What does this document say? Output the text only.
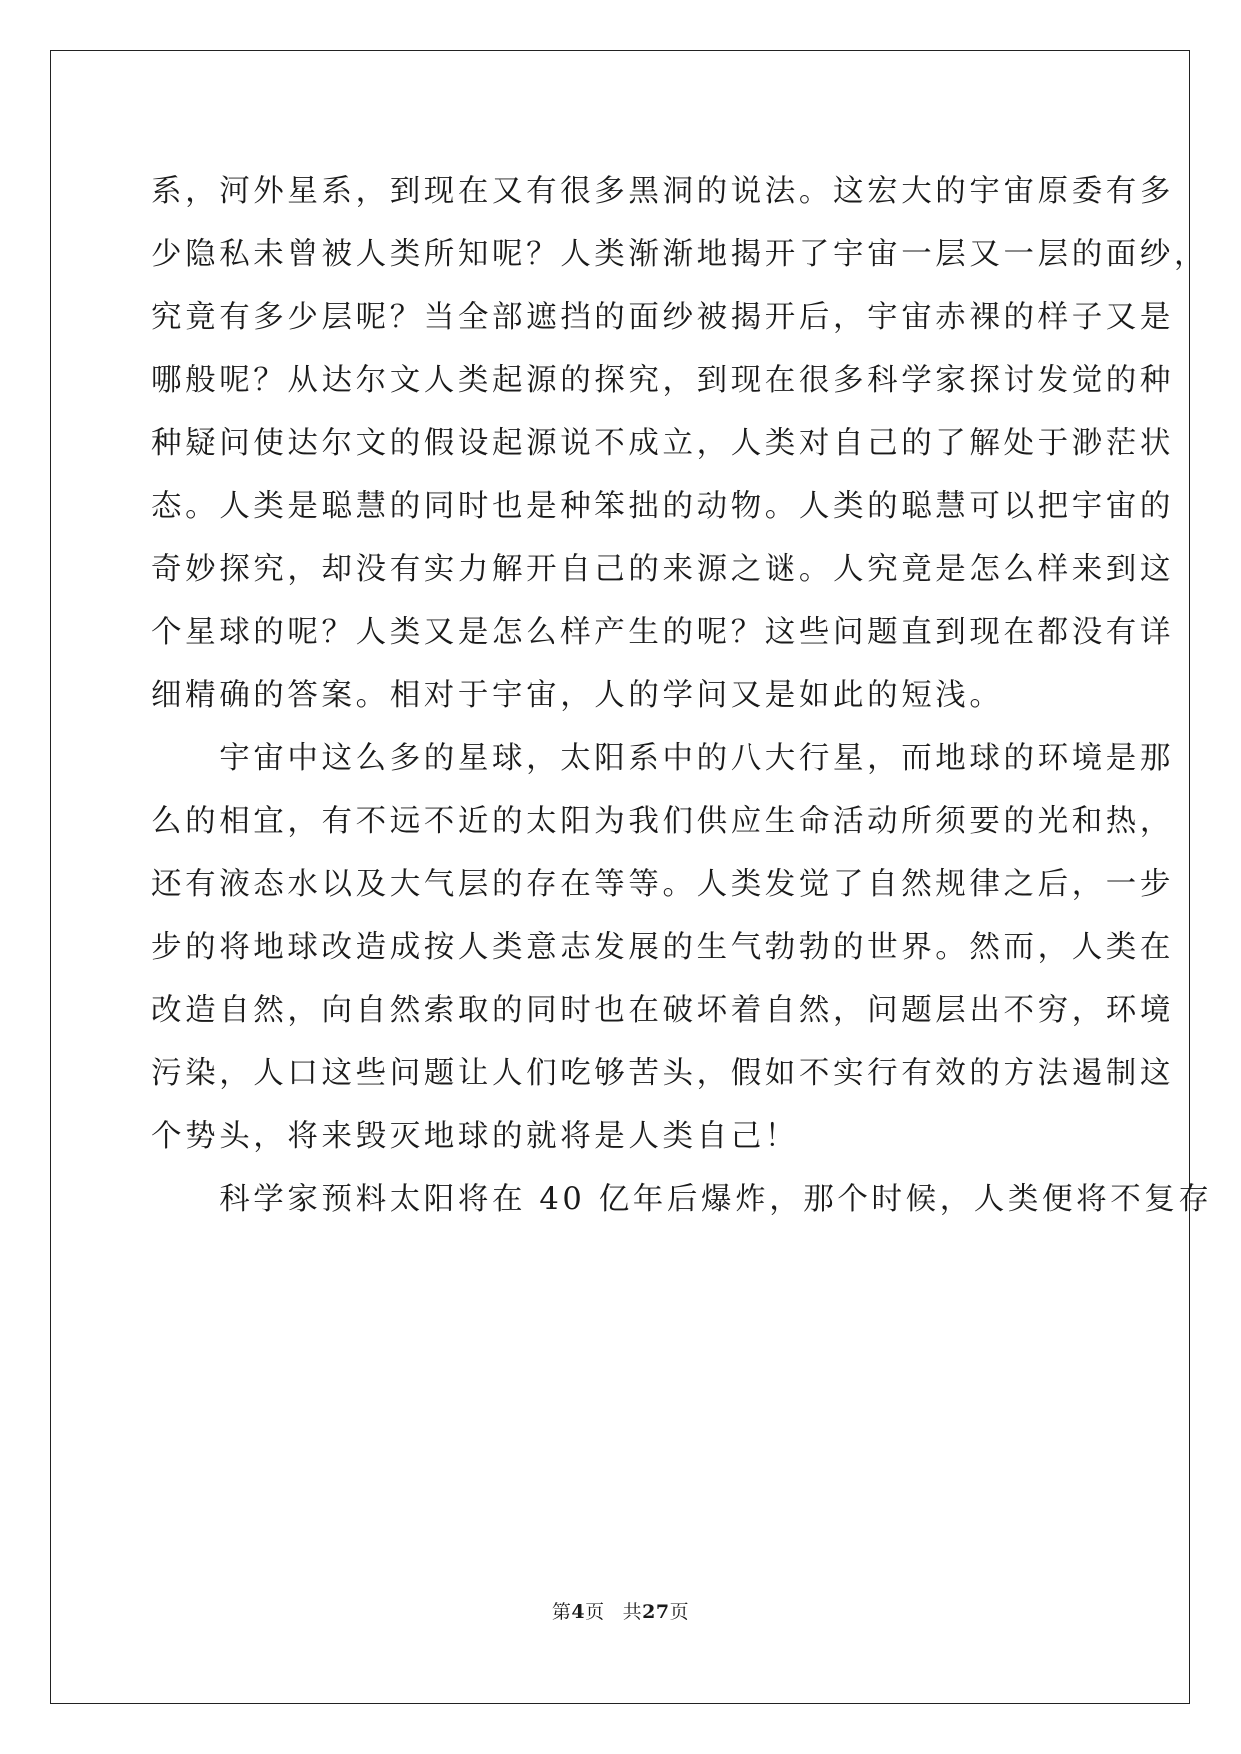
系，河外星系，到现在又有很多黑洞的说法。这宏大的宇宙原委有多
少隐私未曾被人类所知呢？人类渐渐地揭开了宇宙一层又一层的面纱，
究竟有多少层呢？当全部遮挡的面纱被揭开后，宇宙赤裸的样子又是
哪般呢？从达尔文人类起源的探究，到现在很多科学家探讨发觉的种
种疑问使达尔文的假设起源说不成立，人类对自己的了解处于渺茫状
态。人类是聪慧的同时也是种笨拙的动物。人类的聪慧可以把宇宙的
奇妙探究，却没有实力解开自己的来源之谜。人究竟是怎么样来到这
个星球的呢？人类又是怎么样产生的呢？这些问题直到现在都没有详
细精确的答案。相对于宇宙，人的学问又是如此的短浅。
　　宇宙中这么多的星球，太阳系中的八大行星，而地球的环境是那
么的相宜，有不远不近的太阳为我们供应生命活动所须要的光和热，
还有液态水以及大气层的存在等等。人类发觉了自然规律之后，一步
步的将地球改造成按人类意志发展的生气勃勃的世界。然而，人类在
改造自然，向自然索取的同时也在破坏着自然，问题层出不穷，环境
污染，人口这些问题让人们吃够苦头，假如不实行有效的方法遏制这
个势头，将来毁灭地球的就将是人类自己！
　　科学家预料太阳将在 40 亿年后爆炸，那个时候，人类便将不复存
第4页 共27页
